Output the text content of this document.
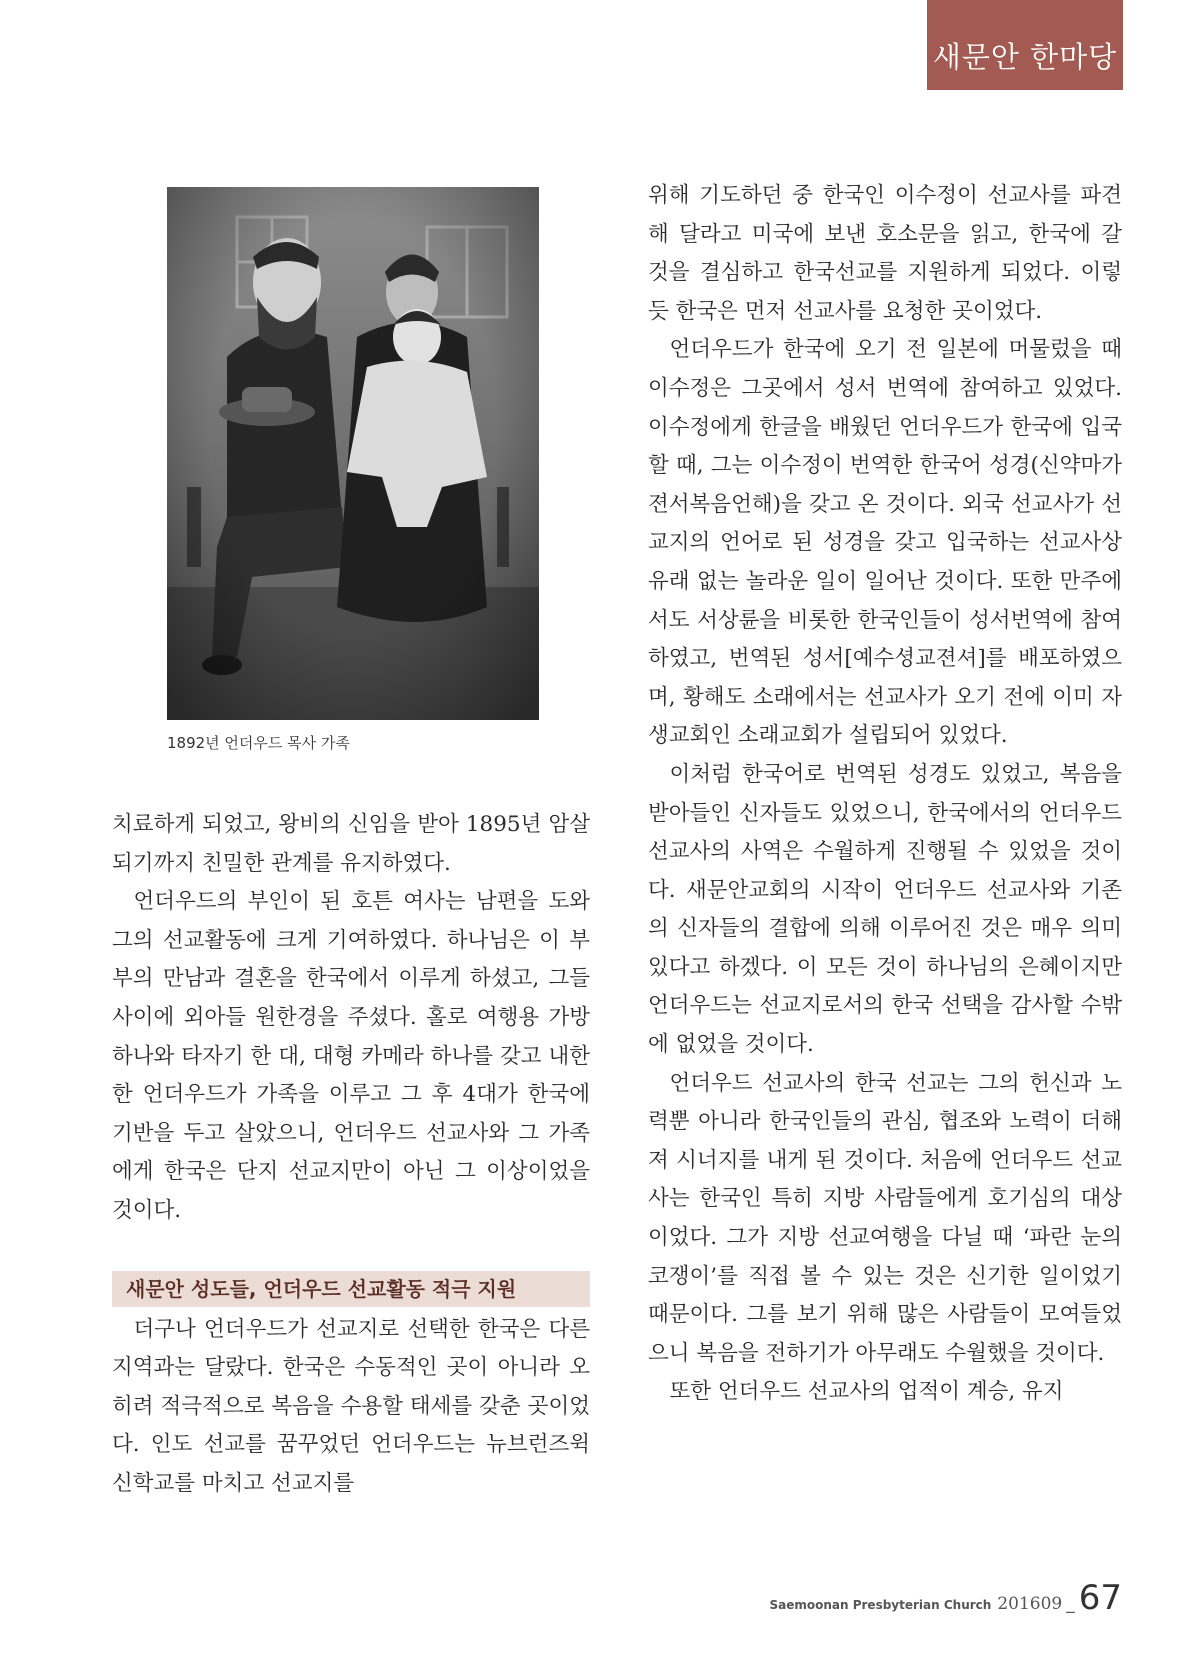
새문안 한마당
1892년 언더우드 목사 가족

치료하게 되었고, 왕비의 신임을 받아 1895년 암살되기까지 친밀한 관계를 유지하였다.

언더우드의 부인이 된 호튼 여사는 남편을 도와 그의 선교활동에 크게 기여하였다. 하나님은 이 부부의 만남과 결혼을 한국에서 이루게 하셨고, 그들 사이에 외아들 원한경을 주셨다. 홀로 여행용 가방 하나와 타자기 한 대, 대형 카메라 하나를 갖고 내한한 언더우드가 가족을 이루고 그 후 4대가 한국에 기반을 두고 살았으니, 언더우드 선교사와 그 가족에게 한국은 단지 선교지만이 아닌 그 이상이었을 것이다.

새문안 성도들, 언더우드 선교활동 적극 지원

더구나 언더우드가 선교지로 선택한 한국은 다른 지역과는 달랐다. 한국은 수동적인 곳이 아니라 오히려 적극적으로 복음을 수용할 태세를 갖춘 곳이었다. 인도 선교를 꿈꾸었던 언더우드는 뉴브런즈윅 신학교를 마치고 선교지를

위해 기도하던 중 한국인 이수정이 선교사를 파견해 달라고 미국에 보낸 호소문을 읽고, 한국에 갈 것을 결심하고 한국선교를 지원하게 되었다. 이렇듯 한국은 먼저 선교사를 요청한 곳이었다.

언더우드가 한국에 오기 전 일본에 머물렀을 때 이수정은 그곳에서 성서 번역에 참여하고 있었다. 이수정에게 한글을 배웠던 언더우드가 한국에 입국할 때, 그는 이수정이 번역한 한국어 성경(신약마가젼서복음언해)을 갖고 온 것이다. 외국 선교사가 선교지의 언어로 된 성경을 갖고 입국하는 선교사상 유래 없는 놀라운 일이 일어난 것이다. 또한 만주에서도 서상륜을 비롯한 한국인들이 성서번역에 참여하였고, 번역된 성서[예수셩교젼셔]를 배포하였으며, 황해도 소래에서는 선교사가 오기 전에 이미 자생교회인 소래교회가 설립되어 있었다.

이처럼 한국어로 번역된 성경도 있었고, 복음을 받아들인 신자들도 있었으니, 한국에서의 언더우드 선교사의 사역은 수월하게 진행될 수 있었을 것이다. 새문안교회의 시작이 언더우드 선교사와 기존의 신자들의 결합에 의해 이루어진 것은 매우 의미있다고 하겠다. 이 모든 것이 하나님의 은혜이지만 언더우드는 선교지로서의 한국 선택을 감사할 수밖에 없었을 것이다.

언더우드 선교사의 한국 선교는 그의 헌신과 노력뿐 아니라 한국인들의 관심, 협조와 노력이 더해져 시너지를 내게 된 것이다. 처음에 언더우드 선교사는 한국인 특히 지방 사람들에게 호기심의 대상이었다. 그가 지방 선교여행을 다닐 때 ‘파란 눈의 코쟁이’를 직접 볼 수 있는 것은 신기한 일이었기 때문이다. 그를 보기 위해 많은 사람들이 모여들었으니 복음을 전하기가 아무래도 수월했을 것이다.

또한 언더우드 선교사의 업적이 계승, 유지

Saemoonan Presbyterian Church 201609 _ 67
